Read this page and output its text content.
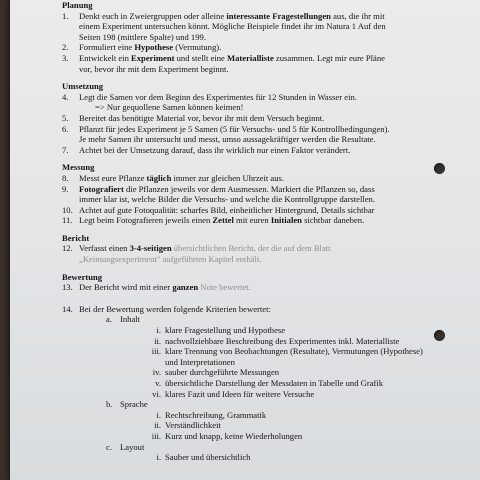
Planung
1. Denkt euch in Zweiergruppen oder alleine interessante Fragestellungen aus, die ihr mit
einem Experiment untersuchen könnt. Mögliche Beispiele findet ihr im Natura 1 Auf den
Seiten 198 (mittlere Spalte) und 199.
2. Formuliert eine Hypothese (Vermutung).
3. Entwickelt ein Experiment und stellt eine Materialliste zusammen. Legt mir eure Pläne
vor, bevor ihr mit dem Experiment beginnt.
Umsetzung
4. Legt die Samen vor dem Beginn des Experimentes für 12 Stunden in Wasser ein.
=> Nur gequollene Samen können keimen!
5. Bereitet das benötigte Material vor, bevor ihr mit dem Versuch beginnt.
6. Pflanzt für jedes Experiment je 5 Samen (5 für Versuchs- und 5 für Kontrollbedingungen).
Je mehr Samen ihr untersucht und messt, umso aussagekräftiger werden die Resultate.
7. Achtet bei der Umsetzung darauf, dass ihr wirklich nur einen Faktor verändert.
Messung
8. Messt eure Pflanze täglich immer zur gleichen Uhrzeit aus.
9. Fotografiert die Pflanzen jeweils vor dem Ausmessen. Markiert die Pflanzen so, dass
immer klar ist, welche Bilder die Versuchs- und welche die Kontrollgruppe darstellen.
10. Achtet auf gute Fotoqualität: scharfes Bild, einheitlicher Hintergrund, Details sichtbar
11. Legt beim Fotografieren jeweils einen Zettel mit euren Initialen sichtbar daneben.
Bericht
12. Verfasst einen 3-4-seitigen übersichtlichen Bericht, der die auf dem Blatt
„Keimungsexperiment" aufgeführten Kapitel enthält.
Bewertung
13. Der Bericht wird mit einer ganzen Note bewertet.
14. Bei der Bewertung werden folgende Kriterien bewertet:
a. Inhalt
i. klare Fragestellung und Hypothese
ii. nachvollziehbare Beschreibung des Experimentes inkl. Materialliste
iii. klare Trennung von Beobachtungen (Resultate), Vermutungen (Hypothese)
und Interpretationen
iv. sauber durchgeführte Messungen
v. übersichtliche Darstellung der Messdaten in Tabelle und Grafik
vi. klares Fazit und Ideen für weitere Versuche
b. Sprache
i. Rechtschreibung, Grammatik
ii. Verständlichkeit
iii. Kurz und knapp, keine Wiederholungen
c. Layout
i. Sauber und übersichtlich
